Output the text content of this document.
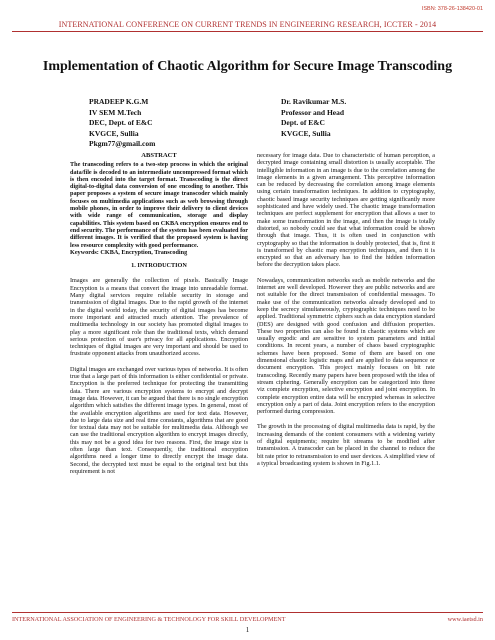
ISBN: 378-26-138420-01
INTERNATIONAL CONFERENCE ON CURRENT TRENDS IN ENGINEERING RESEARCH, ICCTER - 2014
Implementation of Chaotic Algorithm for Secure Image Transcoding
PRADEEP K.G.M
IV SEM M.Tech
DEC, Dept. of E&C
KVGCE, Sullia
Pkgm77@gmail.com
Dr. Ravikumar M.S.
Professor and Head
Dept. of E&C
KVGCE, Sullia
ABSTRACT
The transcoding refers to a two-step process in which the original data/file is decoded to an intermediate uncompressed format which is then encoded into the target format. Transcoding is the direct digital-to-digital data conversion of one encoding to another. This paper proposes a system of secure image transcoder which mainly focuses on multimedia applications such as web browsing through mobile phones, in order to improve their delivery to client devices with wide range of communication, storage and display capabilities. This system based on CKBA encryption ensures end to end security. The performance of the system has been evaluated for different images. It is verified that the proposed system is having less resource complexity with good performance.
Keywords: CKBA, Encryption, Transcoding
1. INTRODUCTION

Images are generally the collection of pixels. Basically Image Encryption is a means that convert the image into unreadable format. Many digital services require reliable security in storage and transmission of digital images. Due to the rapid growth of the internet in the digital world today, the security of digital images has become more important and attracted much attention. The prevalence of multimedia technology in our society has promoted digital images to play a more significant role than the traditional texts, which demand serious protection of user's privacy for all applications. Encryption techniques of digital images are very important and should be used to frustrate opponent attacks from unauthorized access.

Digital images are exchanged over various types of networks. It is often true that a large part of this information is either confidential or private. Encryption is the preferred technique for protecting the transmitting data. There are various encryption systems to encrypt and decrypt image data. However, it can be argued that there is no single encryption algorithm which satisfies the different image types. In general, most of the available encryption algorithms are used for text data. However, due to large data size and real time constants, algorithms that are good for textual data may not be suitable for multimedia data. Although we can use the traditional encryption algorithm to encrypt images directly, this may not be a good idea for two reasons. First, the image size is often large than text. Consequently, the traditional encryption algorithms need a longer time to directly encrypt the image data. Second, the decrypted text must be equal to the original text but this requirement is not

necessary for image data. Due to characteristic of human perception, a decrypted image containing small distortion is usually acceptable. The intelligible information in an image is due to the correlation among the image elements in a given arrangement. This perceptive information can be reduced by decreasing the correlation among image elements using certain transformation techniques. In addition to cryptography, chaotic based image security techniques are getting significantly more sophisticated and have widely used. The chaotic image transformation techniques are perfect supplement for encryption that allows a user to make some transformation in the image, and then the image is totally distorted, so nobody could see that what information could be shown through that image. Thus, it is often used in conjunction with cryptography so that the information is doubly protected, that is, first it is transformed by chaotic map encryption techniques, and then it is encrypted so that an adversary has to find the hidden information before the decryption takes place.

Nowadays, communication networks such as mobile networks and the internet are well developed. However they are public networks and are not suitable for the direct transmission of confidential messages. To make use of the communication networks already developed and to keep the secrecy simultaneously, cryptographic techniques need to be applied. Traditional symmetric ciphers such as data encryption standard (DES) are designed with good confusion and diffusion properties. These two properties can also be found in chaotic systems which are usually ergodic and are sensitive to system parameters and initial conditions. In recent years, a number of chaos based cryptographic schemes have been proposed. Some of them are based on one dimensional chaotic logistic maps and are applied to data sequence or document encryption. This project mainly focuses on bit rate transcoding. Recently many papers have been proposed with the idea of stream ciphering. Generally encryption can be categorized into three viz complete encryption, selective encryption and joint encryption. In complete encryption entire data will be encrypted whereas in selective encryption only a part of data. Joint encryption refers to the encryption performed during compression.

The growth in the processing of digital multimedia data is rapid, by the increasing demands of the content consumers with a widening variety of digital equipments; require bit streams to be modified after transmission. A transcoder can be placed in the channel to reduce the bit rate prior to retransmission to end user devices. A simplified view of a typical broadcasting system is shown in Fig.1.1.

INTERNATIONAL ASSOCIATION OF ENGINEERING & TECHNOLOGY FOR SKILL DEVELOPMENT	www.iaetsd.in
1
